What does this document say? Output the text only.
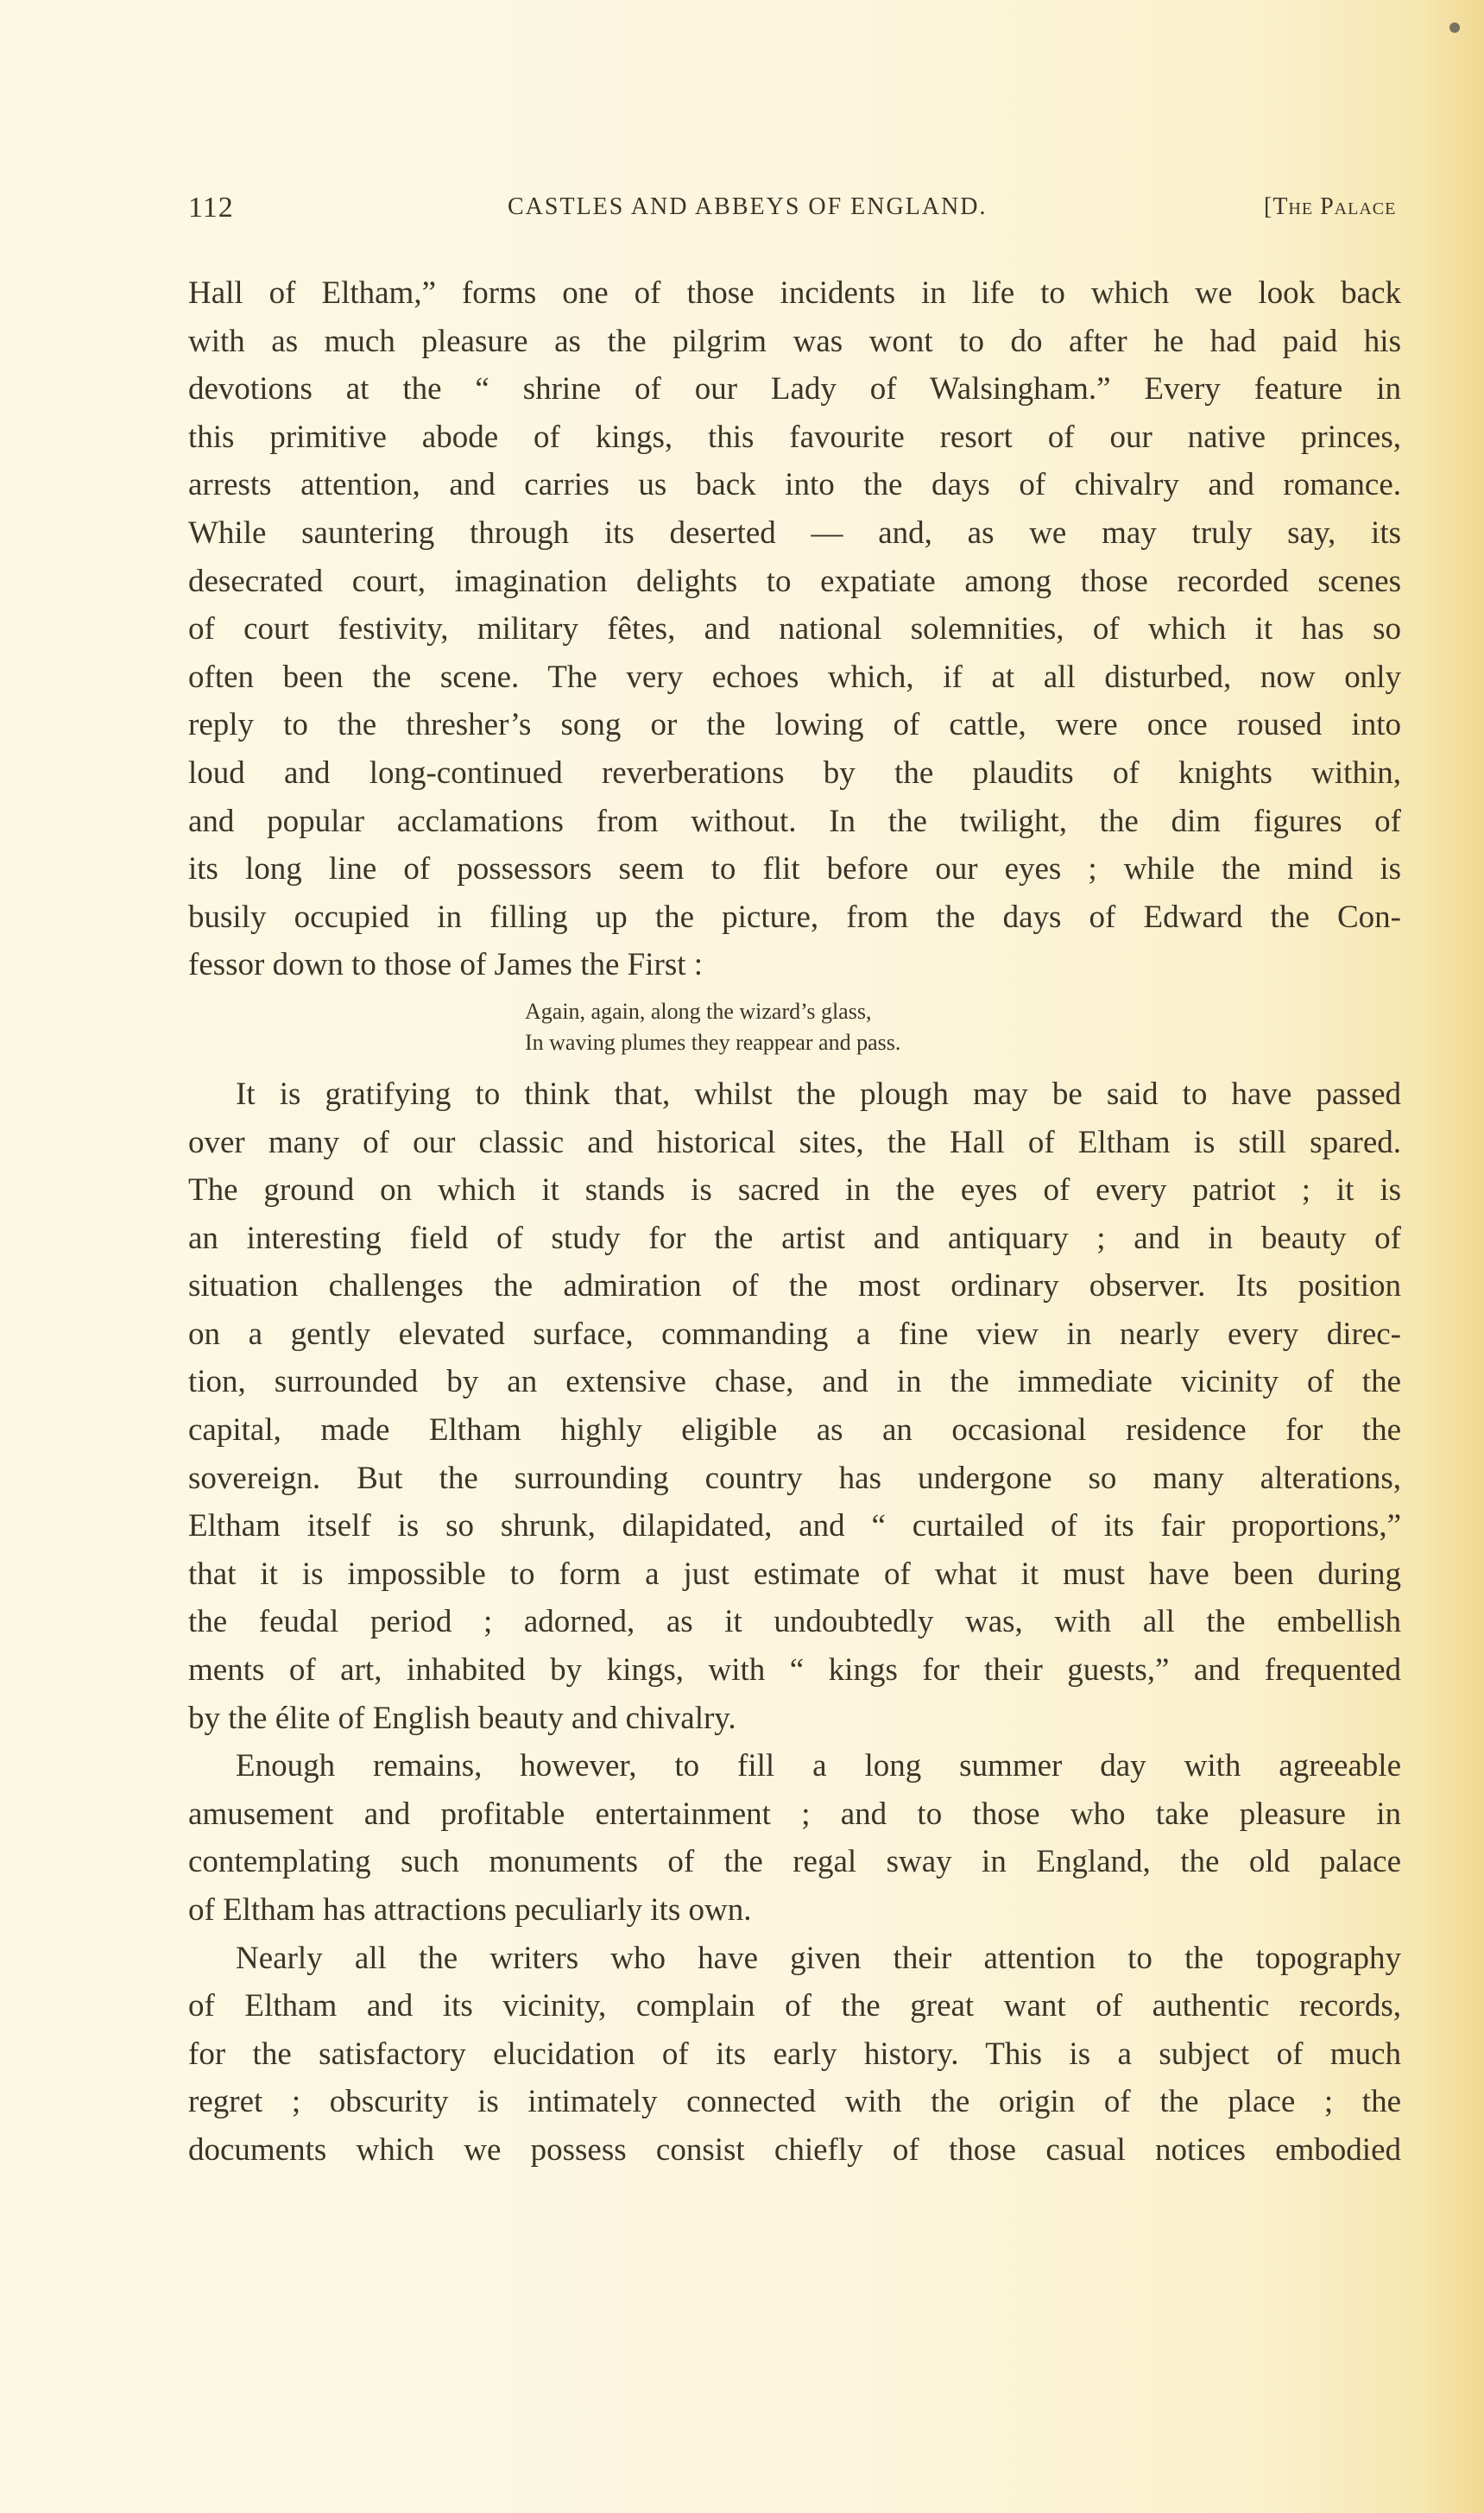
112	CASTLES AND ABBEYS OF ENGLAND.	[The Palace
Hall of Eltham,” forms one of those incidents in life to which we look back
with as much pleasure as the pilgrim was wont to do after he had paid his
devotions at the “ shrine of our Lady of Walsingham.” Every feature in
this primitive abode of kings, this favourite resort of our native princes,
arrests attention, and carries us back into the days of chivalry and romance.
While sauntering through its deserted — and, as we may truly say, its
desecrated court, imagination delights to expatiate among those recorded scenes
of court festivity, military fêtes, and national solemnities, of which it has so
often been the scene. The very echoes which, if at all disturbed, now only
reply to the thresher’s song or the lowing of cattle, were once roused into
loud and long-continued reverberations by the plaudits of knights within,
and popular acclamations from without. In the twilight, the dim figures of
its long line of possessors seem to flit before our eyes ; while the mind is
busily occupied in filling up the picture, from the days of Edward the Con-
fessor down to those of James the First :
Again, again, along the wizard’s glass,
In waving plumes they reappear and pass.
It is gratifying to think that, whilst the plough may be said to have passed
over many of our classic and historical sites, the Hall of Eltham is still spared.
The ground on which it stands is sacred in the eyes of every patriot ; it is
an interesting field of study for the artist and antiquary ; and in beauty of
situation challenges the admiration of the most ordinary observer. Its position
on a gently elevated surface, commanding a fine view in nearly every direc-
tion, surrounded by an extensive chase, and in the immediate vicinity of the
capital, made Eltham highly eligible as an occasional residence for the
sovereign. But the surrounding country has undergone so many alterations,
Eltham itself is so shrunk, dilapidated, and “ curtailed of its fair proportions,”
that it is impossible to form a just estimate of what it must have been during
the feudal period ; adorned, as it undoubtedly was, with all the embellish
ments of art, inhabited by kings, with “ kings for their guests,” and frequented
by the élite of English beauty and chivalry.
Enough remains, however, to fill a long summer day with agreeable
amusement and profitable entertainment ; and to those who take pleasure in
contemplating such monuments of the regal sway in England, the old palace
of Eltham has attractions peculiarly its own.
Nearly all the writers who have given their attention to the topography
of Eltham and its vicinity, complain of the great want of authentic records,
for the satisfactory elucidation of its early history. This is a subject of much
regret ; obscurity is intimately connected with the origin of the place ; the
documents which we possess consist chiefly of those casual notices embodied
